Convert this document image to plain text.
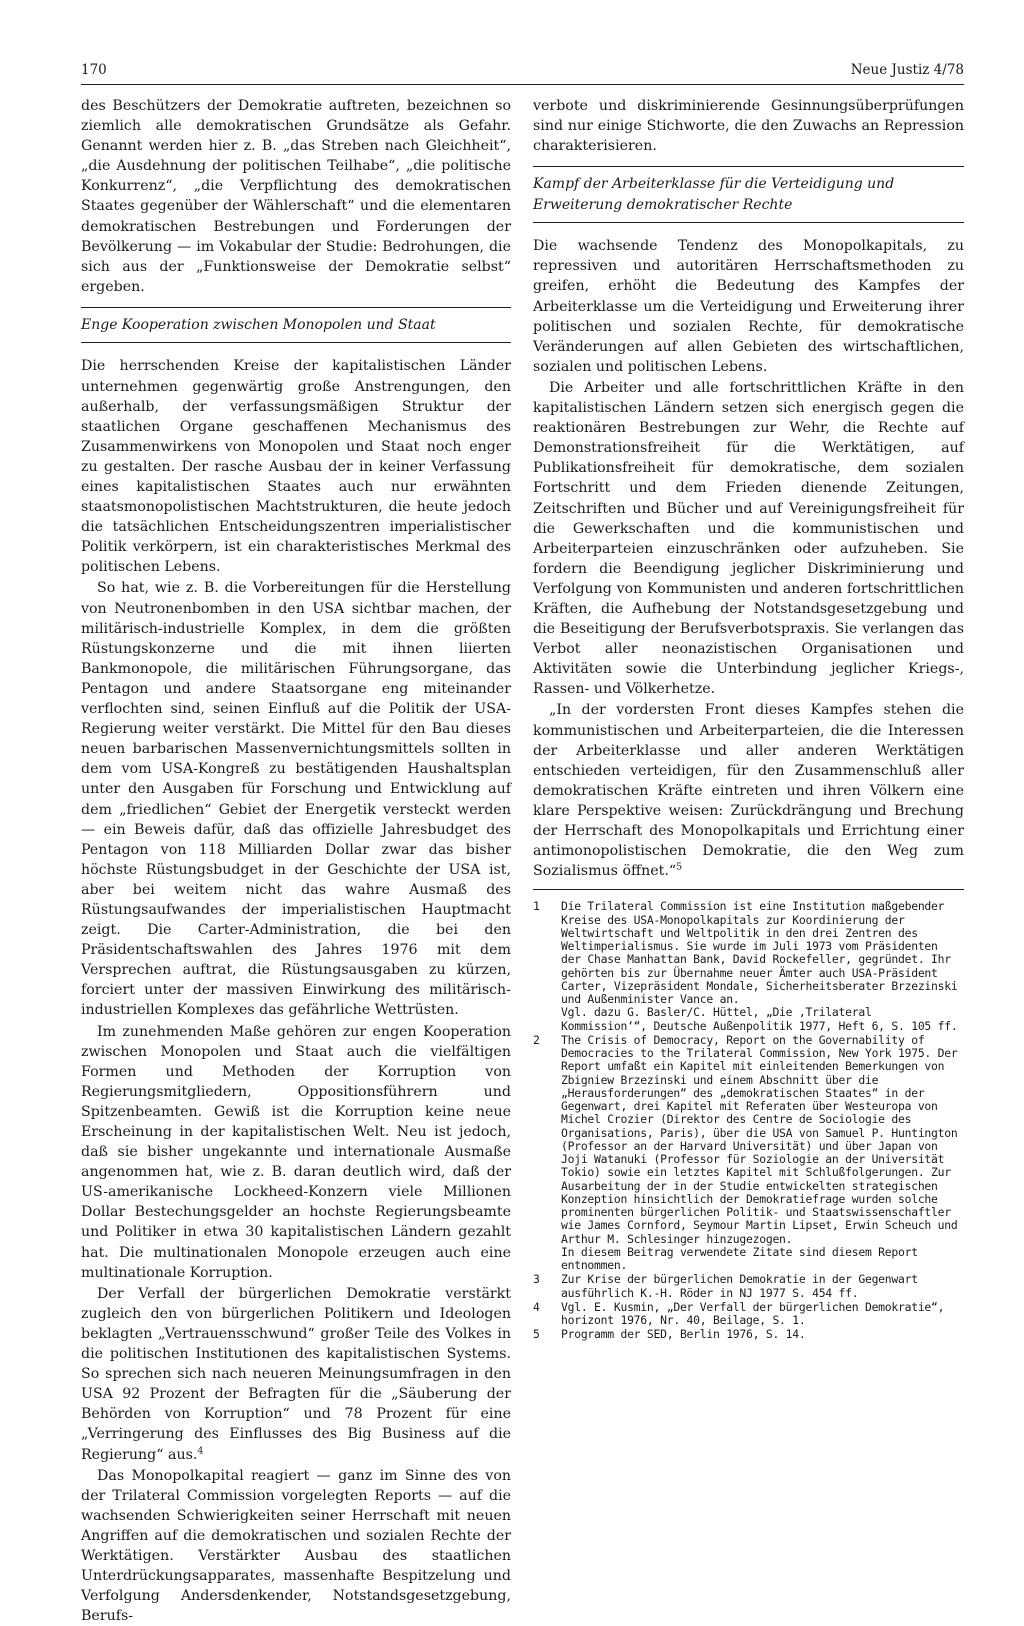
170	Neue Justiz 4/78

des Beschützers der Demokratie auftreten, bezeichnen so ziemlich alle demokratischen Grundsätze als Gefahr. Genannt werden hier z. B. „das Streben nach Gleichheit“, „die Ausdehnung der politischen Teilhabe“, „die politische Konkurrenz“, „die Verpflichtung des demokratischen Staates gegenüber der Wählerschaft“ und die elementaren demokratischen Bestrebungen und Forderungen der Bevölkerung — im Vokabular der Studie: Bedrohungen, die sich aus der „Funktionsweise der Demokratie selbst“ ergeben.

Enge Kooperation zwischen Monopolen und Staat

Die herrschenden Kreise der kapitalistischen Länder unternehmen gegenwärtig große Anstrengungen, den außerhalb, der verfassungsmäßigen Struktur der staatlichen Organe geschaffenen Mechanismus des Zusammenwirkens von Monopolen und Staat noch enger zu gestalten. Der rasche Ausbau der in keiner Verfassung eines kapitalistischen Staates auch nur erwähnten staatsmonopolistischen Machtstrukturen, die heute jedoch die tatsächlichen Entscheidungszentren imperialistischer Politik verkörpern, ist ein charakteristisches Merkmal des politischen Lebens.

So hat, wie z. B. die Vorbereitungen für die Herstellung von Neutronenbomben in den USA sichtbar machen, der militärisch-industrielle Komplex, in dem die größten Rüstungskonzerne und die mit ihnen liierten Bankmonopole, die militärischen Führungsorgane, das Pentagon und andere Staatsorgane eng miteinander verflochten sind, seinen Einfluß auf die Politik der USA-Regierung weiter verstärkt. Die Mittel für den Bau dieses neuen barbarischen Massenvernichtungsmittels sollten in dem vom USA-Kongreß zu bestätigenden Haushaltsplan unter den Ausgaben für Forschung und Entwicklung auf dem „friedlichen“ Gebiet der Energetik versteckt werden — ein Beweis dafür, daß das offizielle Jahresbudget des Pentagon von 118 Milliarden Dollar zwar das bisher höchste Rüstungsbudget in der Geschichte der USA ist, aber bei weitem nicht das wahre Ausmaß des Rüstungsaufwandes der imperialistischen Hauptmacht zeigt. Die Carter-Administration, die bei den Präsidentschaftswahlen des Jahres 1976 mit dem Versprechen auftrat, die Rüstungsausgaben zu kürzen, forciert unter der massiven Einwirkung des militärisch-industriellen Komplexes das gefährliche Wettrüsten.

Im zunehmenden Maße gehören zur engen Kooperation zwischen Monopolen und Staat auch die vielfältigen Formen und Methoden der Korruption von Regierungsmitgliedern, Oppositionsführern und Spitzenbeamten. Gewiß ist die Korruption keine neue Erscheinung in der kapitalistischen Welt. Neu ist jedoch, daß sie bisher ungekannte und internationale Ausmaße angenommen hat, wie z. B. daran deutlich wird, daß der US-amerikanische Lockheed-Konzern viele Millionen Dollar Bestechungsgelder an hochste Regierungsbeamte und Politiker in etwa 30 kapitalistischen Ländern gezahlt hat. Die multinationalen Monopole erzeugen auch eine multinationale Korruption.

Der Verfall der bürgerlichen Demokratie verstärkt zugleich den von bürgerlichen Politikern und Ideologen beklagten „Vertrauensschwund“ großer Teile des Volkes in die politischen Institutionen des kapitalistischen Systems. So sprechen sich nach neueren Meinungsumfragen in den USA 92 Prozent der Befragten für die „Säuberung der Behörden von Korruption“ und 78 Prozent für eine „Verringerung des Einflusses des Big Business auf die Regierung“ aus.$^4$

Das Monopolkapital reagiert — ganz im Sinne des von der Trilateral Commission vorgelegten Reports — auf die wachsenden Schwierigkeiten seiner Herrschaft mit neuen Angriffen auf die demokratischen und sozialen Rechte der Werktätigen. Verstärkter Ausbau des staatlichen Unterdrückungsapparates, massenhafte Bespitzelung und Verfolgung Andersdenkender, Notstandsgesetzgebung, Berufs-

verbote und diskriminierende Gesinnungsüberprüfungen sind nur einige Stichworte, die den Zuwachs an Repression charakterisieren.

Kampf der Arbeiterklasse für die Verteidigung und Erweiterung demokratischer Rechte

Die wachsende Tendenz des Monopolkapitals, zu repressiven und autoritären Herrschaftsmethoden zu greifen, erhöht die Bedeutung des Kampfes der Arbeiterklasse um die Verteidigung und Erweiterung ihrer politischen und sozialen Rechte, für demokratische Veränderungen auf allen Gebieten des wirtschaftlichen, sozialen und politischen Lebens.

Die Arbeiter und alle fortschrittlichen Kräfte in den kapitalistischen Ländern setzen sich energisch gegen die reaktionären Bestrebungen zur Wehr, die Rechte auf Demonstrationsfreiheit für die Werktätigen, auf Publikationsfreiheit für demokratische, dem sozialen Fortschritt und dem Frieden dienende Zeitungen, Zeitschriften und Bücher und auf Vereinigungsfreiheit für die Gewerkschaften und die kommunistischen und Arbeiterparteien einzuschränken oder aufzuheben. Sie fordern die Beendigung jeglicher Diskriminierung und Verfolgung von Kommunisten und anderen fortschrittlichen Kräften, die Aufhebung der Notstandsgesetzgebung und die Beseitigung der Berufsverbotspraxis. Sie verlangen das Verbot aller neonazistischen Organisationen und Aktivitäten sowie die Unterbindung jeglicher Kriegs-, Rassen- und Völkerhetze.

„In der vordersten Front dieses Kampfes stehen die kommunistischen und Arbeiterparteien, die die Interessen der Arbeiterklasse und aller anderen Werktätigen entschieden verteidigen, für den Zusammenschluß aller demokratischen Kräfte eintreten und ihren Völkern eine klare Perspektive weisen: Zurückdrängung und Brechung der Herrschaft des Monopolkapitals und Errichtung einer antimonopolistischen Demokratie, die den Weg zum Sozialismus öffnet.“$^5$

1 Die Trilateral Commission ist eine Institution maßgebender Kreise des USA-Monopolkapitals zur Koordinierung der Weltwirtschaft und Weltpolitik in den drei Zentren des Weltimperialismus. Sie wurde im Juli 1973 vom Präsidenten der Chase Manhattan Bank, David Rockefeller, gegründet. Ihr gehörten bis zur Übernahme neuer Ämter auch USA-Präsident Carter, Vizepräsident Mondale, Sicherheitsberater Brzezinski und Außenminister Vance an.
Vgl. dazu G. Basler/C. Hüttel, „Die ‚Trilateral Kommission‘“, Deutsche Außenpolitik 1977, Heft 6, S. 105 ff.
2 The Crisis of Democracy, Report on the Governability of Democracies to the Trilateral Commission, New York 1975. Der Report umfaßt ein Kapitel mit einleitenden Bemerkungen von Zbigniew Brzezinski und einem Abschnitt über die „Herausforderungen“ des „demokratischen Staates“ in der Gegenwart, drei Kapitel mit Referaten über Westeuropa von Michel Crozier (Direktor des Centre de Sociologie des Organisations, Paris), über die USA von Samuel P. Huntington (Professor an der Harvard Universität) und über Japan von Joji Watanuki (Professor für Soziologie an der Universität Tokio) sowie ein letztes Kapitel mit Schlußfolgerungen. Zur Ausarbeitung der in der Studie entwickelten strategischen Konzeption hinsichtlich der Demokratiefrage wurden solche prominenten bürgerlichen Politik- und Staatswissenschaftler wie James Cornford, Seymour Martin Lipset, Erwin Scheuch und Arthur M. Schlesinger hinzugezogen.
In diesem Beitrag verwendete Zitate sind diesem Report entnommen.
3 Zur Krise der bürgerlichen Demokratie in der Gegenwart ausführlich K.-H. Röder in NJ 1977 S. 454 ff.
4 Vgl. E. Kusmin, „Der Verfall der bürgerlichen Demokratie“, horizont 1976, Nr. 40, Beilage, S. 1.
5 Programm der SED, Berlin 1976, S. 14.
